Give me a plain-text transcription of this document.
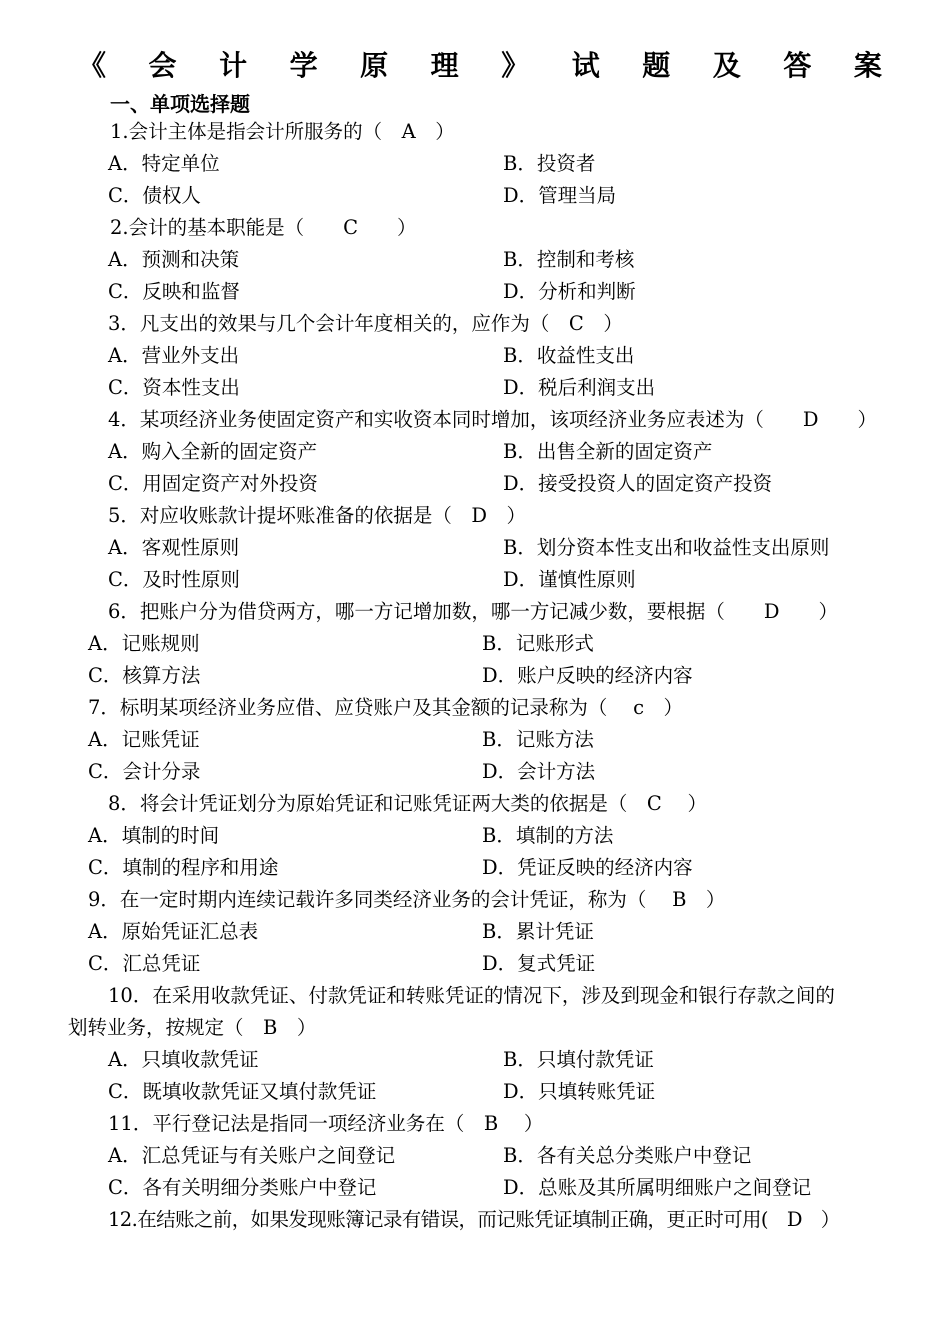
《 会 计 学 原 理 》 试 题 及 答 案
一、单项选择题
1.会计主体是指会计所服务的（　A　）
A．特定单位	B．投资者
C．债权人	D．管理当局
2.会计的基本职能是（　　C　　）
A．预测和决策	B．控制和考核
C．反映和监督	D．分析和判断
3．凡支出的效果与几个会计年度相关的，应作为（　C　）
A．营业外支出	B．收益性支出
C．资本性支出	D．税后利润支出
4．某项经济业务使固定资产和实收资本同时增加，该项经济业务应表述为（　　D　　）
A．购入全新的固定资产	B．出售全新的固定资产
C．用固定资产对外投资	D．接受投资人的固定资产投资
5．对应收账款计提坏账准备的依据是（　D　）
A．客观性原则	B．划分资本性支出和收益性支出原则
C．及时性原则	D．谨慎性原则
6．把账户分为借贷两方，哪一方记增加数，哪一方记减少数，要根据（　　D　　）
A．记账规则	B．记账形式
C．核算方法	D．账户反映的经济内容
7．标明某项经济业务应借、应贷账户及其金额的记录称为（　 c　）
A．记账凭证	B．记账方法
C．会计分录	D．会计方法
8．将会计凭证划分为原始凭证和记账凭证两大类的依据是（　C　 ）
A．填制的时间	B．填制的方法
C．填制的程序和用途	D．凭证反映的经济内容
9．在一定时期内连续记载许多同类经济业务的会计凭证，称为（　 B　）
A．原始凭证汇总表	B．累计凭证
C．汇总凭证	D．复式凭证
10．在采用收款凭证、付款凭证和转账凭证的情况下，涉及到现金和银行存款之间的
划转业务，按规定（　B　）
A．只填收款凭证	B．只填付款凭证
C．既填收款凭证又填付款凭证	D．只填转账凭证
11．平行登记法是指同一项经济业务在（　B　 ）
A．汇总凭证与有关账户之间登记	B．各有关总分类账户中登记
C．各有关明细分类账户中登记	D．总账及其所属明细账户之间登记
12.在结账之前，如果发现账簿记录有错误，而记账凭证填制正确，更正时可用(　D　）
